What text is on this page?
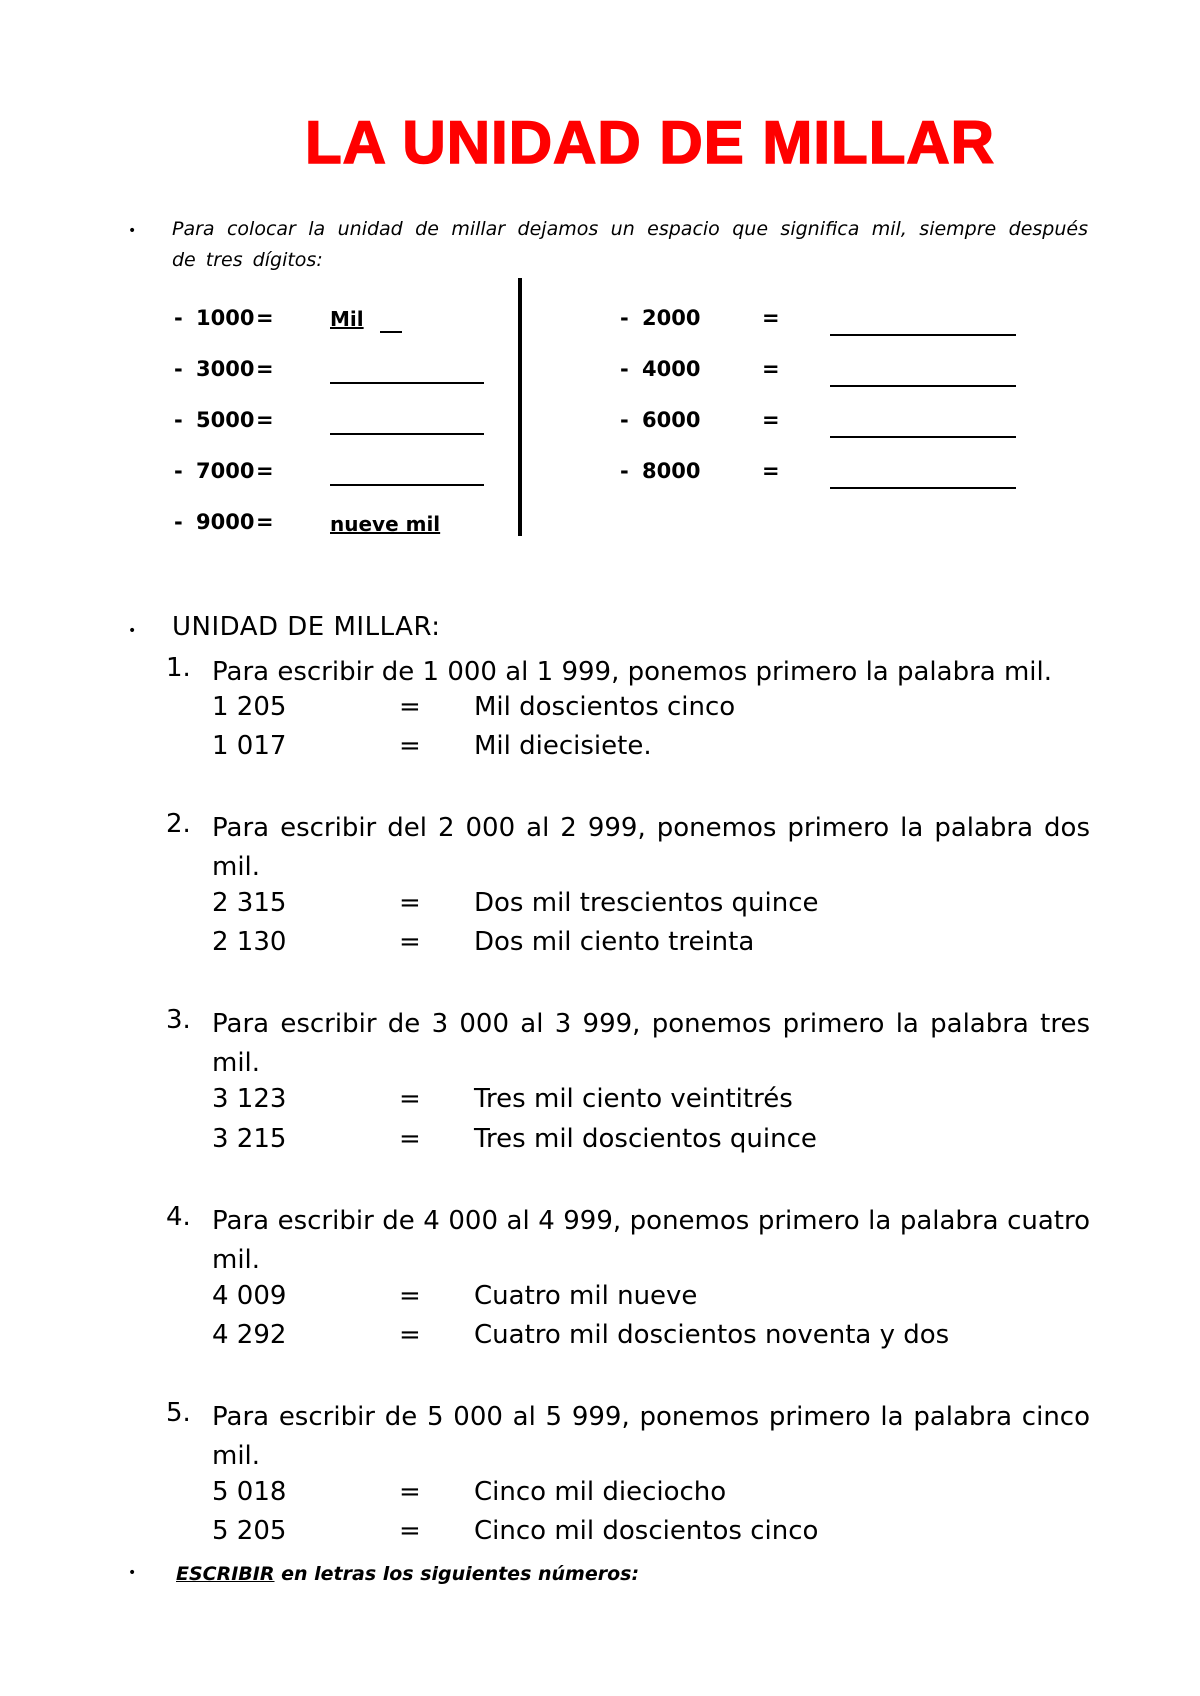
LA UNIDAD DE MILLAR
• Para colocar la unidad de millar dejamos un espacio que significa mil, siempre después de tres dígitos:
- 1000 =	Mil
- 3000 =
- 5000 =
- 7000 =
- 9000 =	nueve mil
- 2000	=
- 4000	=
- 6000	=
- 8000	=
• UNIDAD DE MILLAR:
1. Para escribir de 1 000 al 1 999, ponemos primero la palabra mil.
1 205	= Mil doscientos cinco
1 017	= Mil diecisiete.
2. Para escribir del 2 000 al 2 999, ponemos primero la palabra dos mil.
2 315	= Dos mil trescientos quince
2 130	= Dos mil ciento treinta
3. Para escribir de 3 000 al 3 999, ponemos primero la palabra tres mil.
3 123	= Tres mil ciento veintitrés
3 215	= Tres mil doscientos quince
4. Para escribir de 4 000 al 4 999, ponemos primero la palabra cuatro mil.
4 009	= Cuatro mil nueve
4 292	= Cuatro mil doscientos noventa y dos
5. Para escribir de 5 000 al 5 999, ponemos primero la palabra cinco mil.
5 018	= Cinco mil dieciocho
5 205	= Cinco mil doscientos cinco
• ESCRIBIR en letras los siguientes números:
